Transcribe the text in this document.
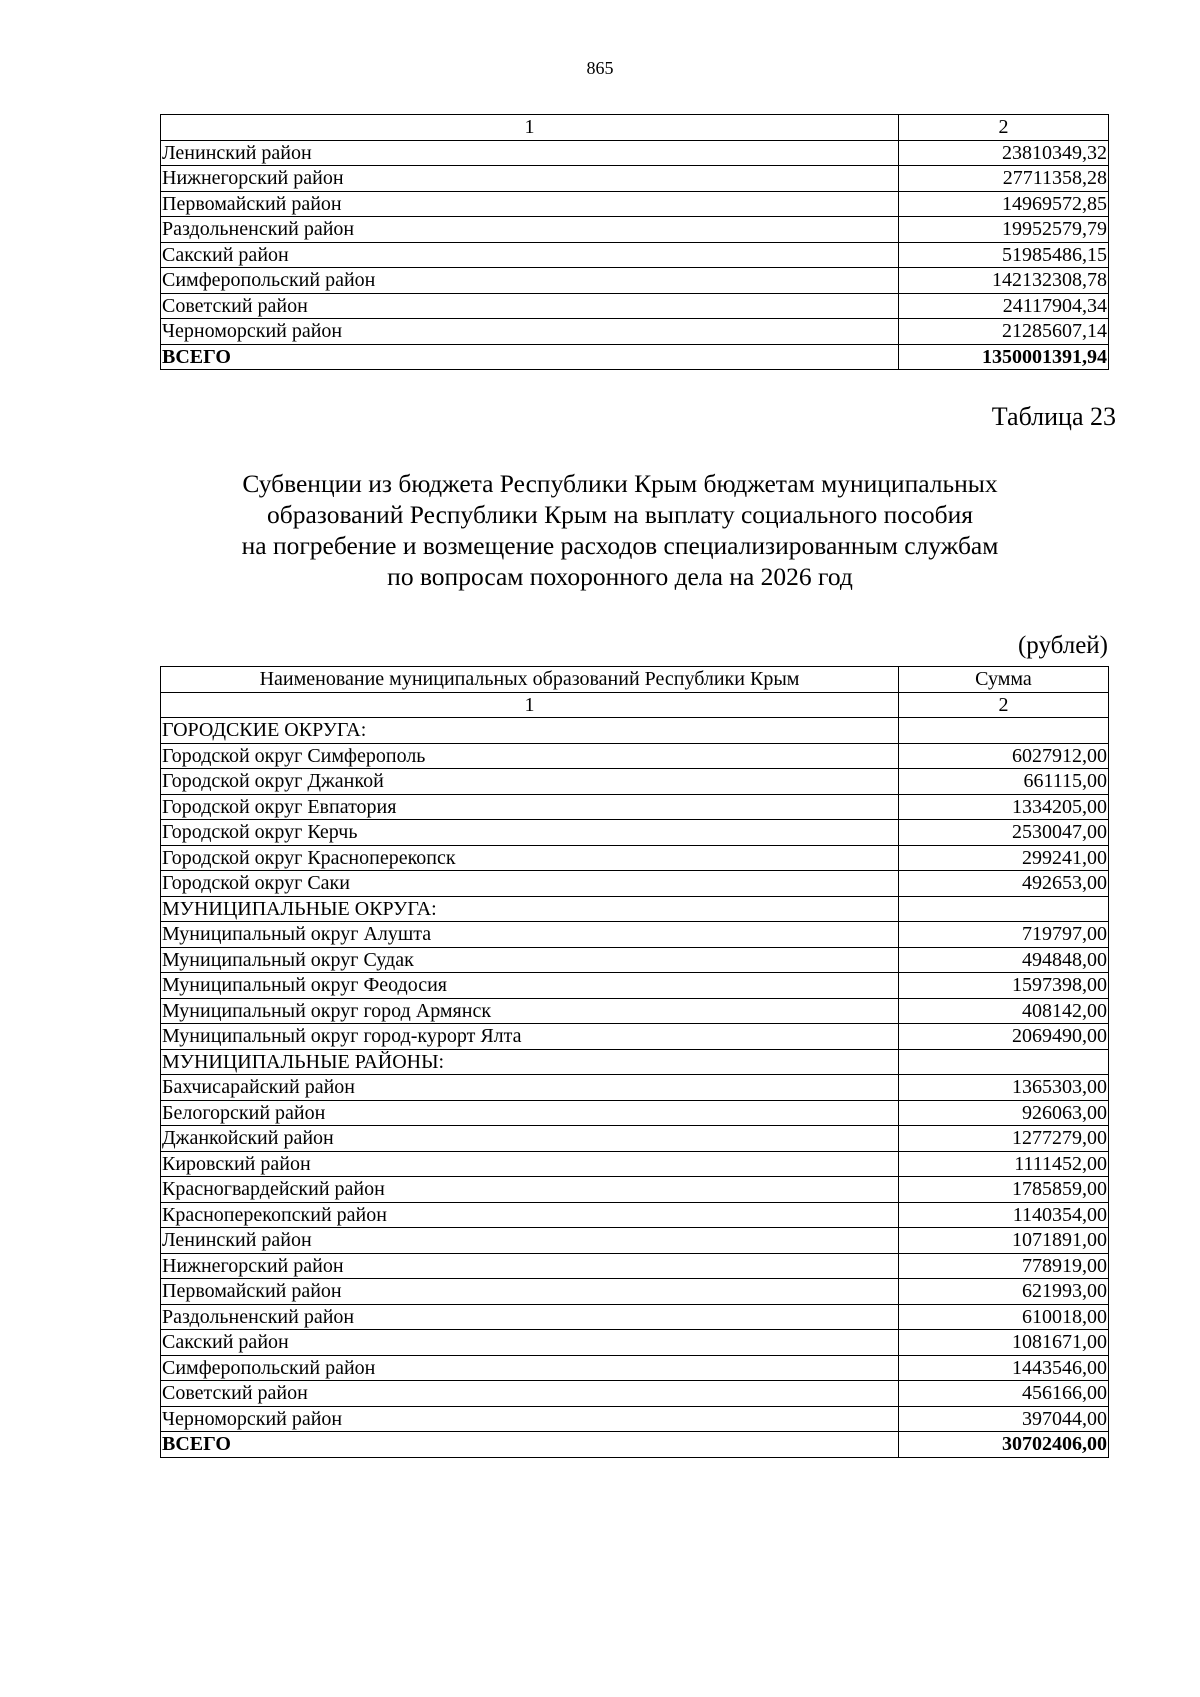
865
1	2
Ленинский район	23810349,32
Нижнегорский район	27711358,28
Первомайский район	14969572,85
Раздольненский район	19952579,79
Сакский район	51985486,15
Симферопольский район	142132308,78
Советский район	24117904,34
Черноморский район	21285607,14
ВСЕГО	1350001391,94
Таблица 23
Субвенции из бюджета Республики Крым бюджетам муниципальных
образований Республики Крым на выплату социального пособия
на погребение и возмещение расходов специализированным службам
по вопросам похоронного дела на 2026 год
(рублей)
Наименование муниципальных образований Республики Крым	Сумма
1	2
ГОРОДСКИЕ ОКРУГА:	
Городской округ Симферополь	6027912,00
Городской округ Джанкой	661115,00
Городской округ Евпатория	1334205,00
Городской округ Керчь	2530047,00
Городской округ Красноперекопск	299241,00
Городской округ Саки	492653,00
МУНИЦИПАЛЬНЫЕ ОКРУГА:	
Муниципальный округ Алушта	719797,00
Муниципальный округ Судак	494848,00
Муниципальный округ Феодосия	1597398,00
Муниципальный округ город Армянск	408142,00
Муниципальный округ город-курорт Ялта	2069490,00
МУНИЦИПАЛЬНЫЕ РАЙОНЫ:	
Бахчисарайский район	1365303,00
Белогорский район	926063,00
Джанкойский район	1277279,00
Кировский район	1111452,00
Красногвардейский район	1785859,00
Красноперекопский район	1140354,00
Ленинский район	1071891,00
Нижнегорский район	778919,00
Первомайский район	621993,00
Раздольненский район	610018,00
Сакский район	1081671,00
Симферопольский район	1443546,00
Советский район	456166,00
Черноморский район	397044,00
ВСЕГО	30702406,00
